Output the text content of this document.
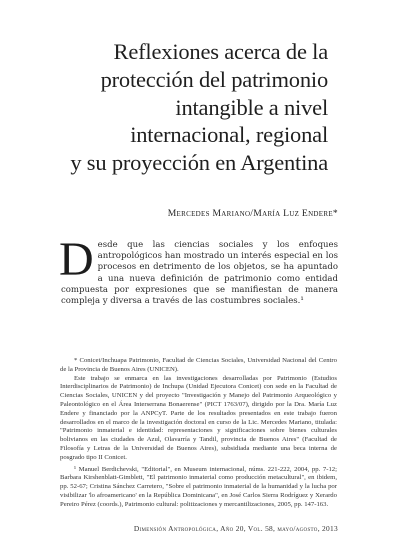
Reflexiones acerca de la
protección del patrimonio
intangible a nivel
internacional, regional
y su proyección en Argentina
Mercedes Mariano/María Luz Endere*
Desde que las ciencias sociales y los enfoques antropológicos han mostrado un interés especial en los procesos en detrimento de los objetos, se ha apuntado a una nueva definición de patrimonio como entidad compuesta por expresiones que se manifiestan de manera compleja y diversa a través de las costumbres sociales.¹

* Conicet/Inchuapa Patrimonio, Facultad de Ciencias Sociales, Universidad Nacional del Centro de la Provincia de Buenos Aires (UNICEN).

Este trabajo se enmarca en las investigaciones desarrolladas por Patrimonio (Estudios Interdisciplinarios de Patrimonio) de Inchupa (Unidad Ejecutora Conicet) con sede en la Facultad de Ciencias Sociales, UNICEN y del proyecto "Investigación y Manejo del Patrimonio Arqueológico y Paleontológico en el Área Interserrana Bonaerense" (PICT 1763/07), dirigido por la Dra. María Luz Endere y financiado por la ANPCyT. Parte de los resultados presentados en este trabajo fueron desarrollados en el marco de la investigación doctoral en curso de la Lic. Mercedes Mariano, titulada: "Patrimonio inmaterial e identidad: representaciones y significaciones sobre bienes culturales bolivianos en las ciudades de Azul, Olavarría y Tandil, provincia de Buenos Aires" (Facultad de Filosofía y Letras de la Universidad de Buenos Aires), subsidiada mediante una beca interna de posgrado tipo II Conicet.

¹ Manuel Berdichevski, "Editorial", en Museum internacional, núms. 221-222, 2004, pp. 7-12; Barbara Kirshenblatt-Gimblett, "El patrimonio inmaterial como producción metacultural", en ibidem, pp. 52-67; Cristina Sánchez Carretero, "Sobre el patrimonio inmaterial de la humanidad y la lucha por visibilizar 'lo afroamericano' en la República Dominicana", en José Carlos Sierra Rodríguez y Xerardo Pereiro Pérez (coords.), Patrimonio cultural: politizaciones y mercantilizaciones, 2005, pp. 147-163.

Dimensión Antropológica, Año 20, Vol. 58, mayo/agosto, 2013
